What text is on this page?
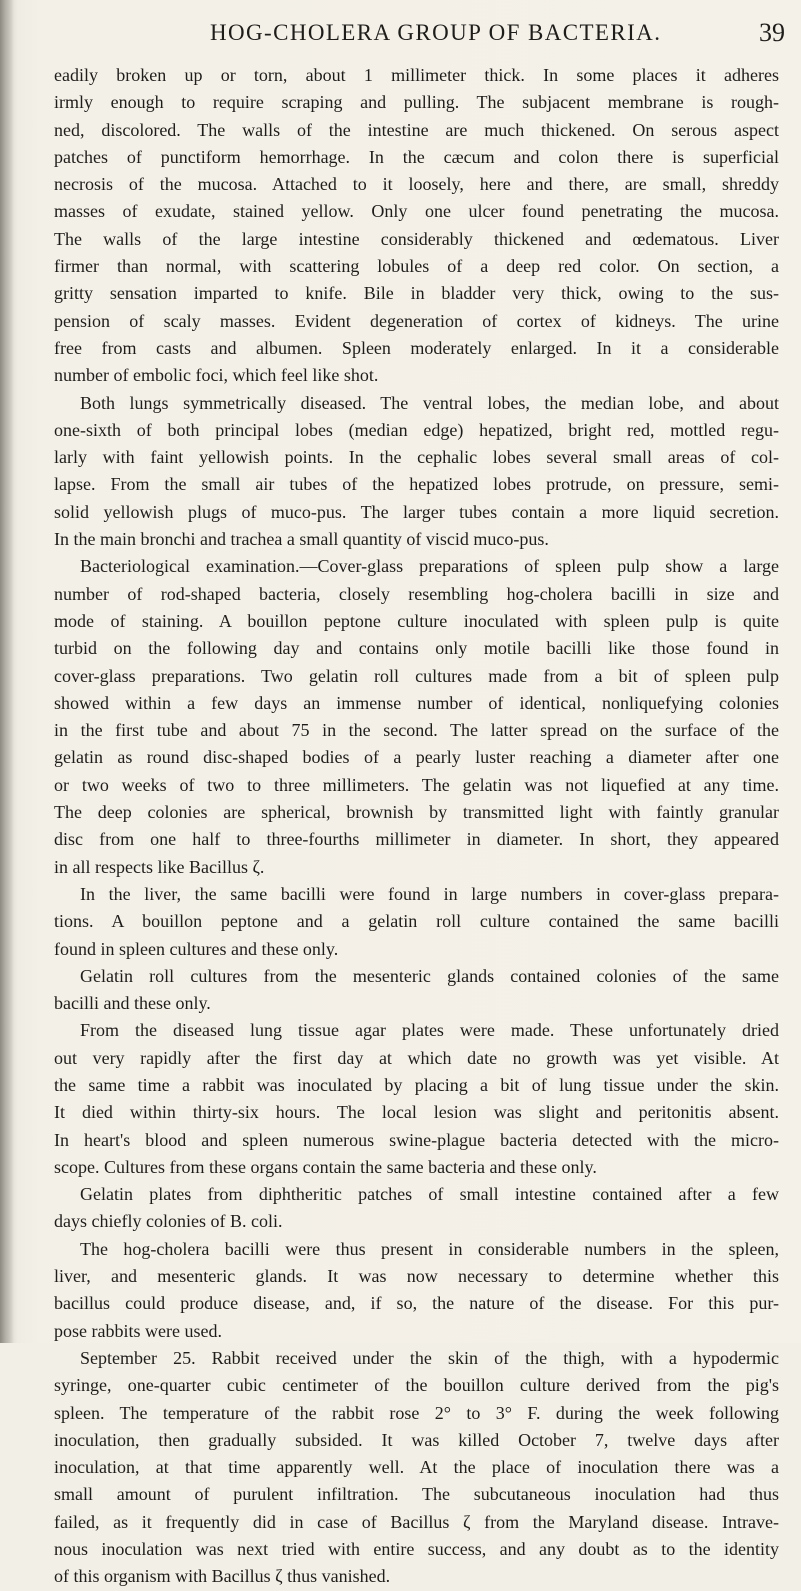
HOG-CHOLERA GROUP OF BACTERIA.	39
eadily broken up or torn, about 1 millimeter thick. In some places it adheres
irmly enough to require scraping and pulling. The subjacent membrane is rough-
ned, discolored. The walls of the intestine are much thickened. On serous aspect
patches of punctiform hemorrhage. In the cæcum and colon there is superficial
necrosis of the mucosa. Attached to it loosely, here and there, are small, shreddy
masses of exudate, stained yellow. Only one ulcer found penetrating the mucosa.
The walls of the large intestine considerably thickened and œdematous. Liver
firmer than normal, with scattering lobules of a deep red color. On section, a
gritty sensation imparted to knife. Bile in bladder very thick, owing to the sus-
pension of scaly masses. Evident degeneration of cortex of kidneys. The urine
free from casts and albumen. Spleen moderately enlarged. In it a considerable
number of embolic foci, which feel like shot.
Both lungs symmetrically diseased. The ventral lobes, the median lobe, and about
one-sixth of both principal lobes (median edge) hepatized, bright red, mottled regu-
larly with faint yellowish points. In the cephalic lobes several small areas of col-
lapse. From the small air tubes of the hepatized lobes protrude, on pressure, semi-
solid yellowish plugs of muco-pus. The larger tubes contain a more liquid secretion.
In the main bronchi and trachea a small quantity of viscid muco-pus.
Bacteriological examination.—Cover-glass preparations of spleen pulp show a large
number of rod-shaped bacteria, closely resembling hog-cholera bacilli in size and
mode of staining. A bouillon peptone culture inoculated with spleen pulp is quite
turbid on the following day and contains only motile bacilli like those found in
cover-glass preparations. Two gelatin roll cultures made from a bit of spleen pulp
showed within a few days an immense number of identical, nonliquefying colonies
in the first tube and about 75 in the second. The latter spread on the surface of the
gelatin as round disc-shaped bodies of a pearly luster reaching a diameter after one
or two weeks of two to three millimeters. The gelatin was not liquefied at any time.
The deep colonies are spherical, brownish by transmitted light with faintly granular
disc from one half to three-fourths millimeter in diameter. In short, they appeared
in all respects like Bacillus ζ.
In the liver, the same bacilli were found in large numbers in cover-glass prepara-
tions. A bouillon peptone and a gelatin roll culture contained the same bacilli
found in spleen cultures and these only.
Gelatin roll cultures from the mesenteric glands contained colonies of the same
bacilli and these only.
From the diseased lung tissue agar plates were made. These unfortunately dried
out very rapidly after the first day at which date no growth was yet visible. At
the same time a rabbit was inoculated by placing a bit of lung tissue under the skin.
It died within thirty-six hours. The local lesion was slight and peritonitis absent.
In heart's blood and spleen numerous swine-plague bacteria detected with the micro-
scope. Cultures from these organs contain the same bacteria and these only.
Gelatin plates from diphtheritic patches of small intestine contained after a few
days chiefly colonies of B. coli.
The hog-cholera bacilli were thus present in considerable numbers in the spleen,
liver, and mesenteric glands. It was now necessary to determine whether this
bacillus could produce disease, and, if so, the nature of the disease. For this pur-
pose rabbits were used.
September 25. Rabbit received under the skin of the thigh, with a hypodermic
syringe, one-quarter cubic centimeter of the bouillon culture derived from the pig's
spleen. The temperature of the rabbit rose 2° to 3° F. during the week following
inoculation, then gradually subsided. It was killed October 7, twelve days after
inoculation, at that time apparently well. At the place of inoculation there was a
small amount of purulent infiltration. The subcutaneous inoculation had thus
failed, as it frequently did in case of Bacillus ζ from the Maryland disease. Intrave-
nous inoculation was next tried with entire success, and any doubt as to the identity
of this organism with Bacillus ζ thus vanished.
